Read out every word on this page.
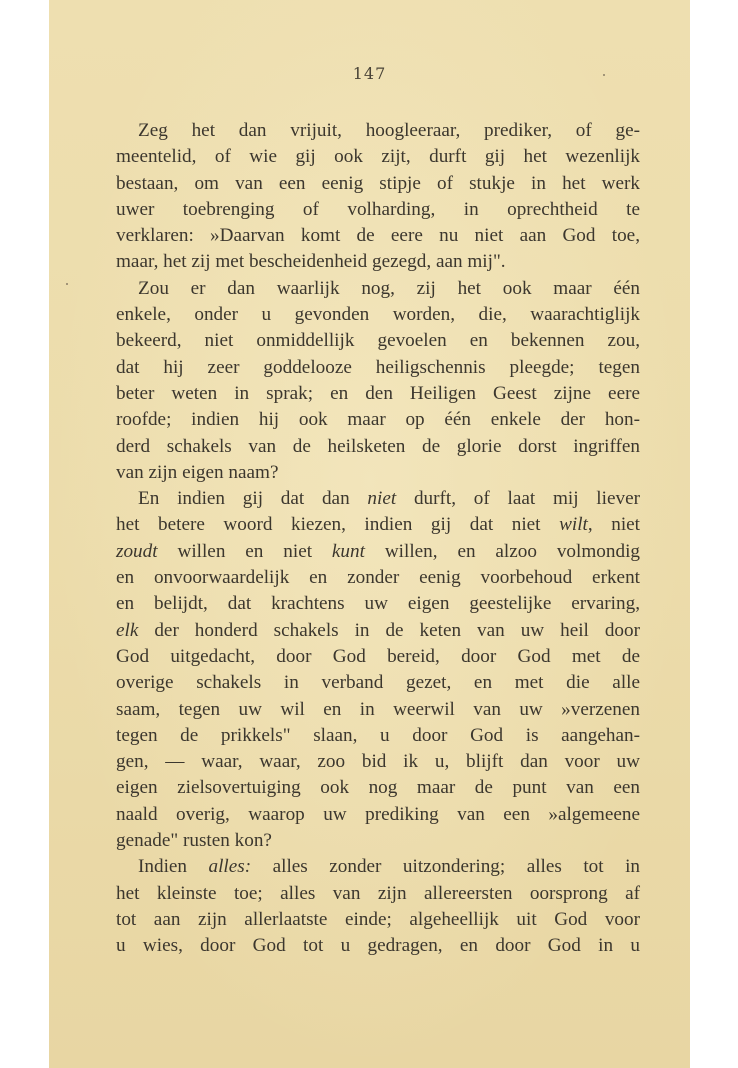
147
Zeg het dan vrijuit, hoogleeraar, prediker, of ge-
meentelid, of wie gij ook zijt, durft gij het wezenlijk
bestaan, om van een eenig stipje of stukje in het werk
uwer toebrenging of volharding, in oprechtheid te
verklaren: »Daarvan komt de eere nu niet aan God toe,
maar, het zij met bescheidenheid gezegd, aan mij".
Zou er dan waarlijk nog, zij het ook maar één
enkele, onder u gevonden worden, die, waarachtiglijk
bekeerd, niet onmiddellijk gevoelen en bekennen zou,
dat hij zeer goddelooze heiligschennis pleegde; tegen
beter weten in sprak; en den Heiligen Geest zijne eere
roofde; indien hij ook maar op één enkele der hon-
derd schakels van de heilsketen de glorie dorst ingriffen
van zijn eigen naam?
En indien gij dat dan niet durft, of laat mij liever
het betere woord kiezen, indien gij dat niet wilt, niet
zoudt willen en niet kunt willen, en alzoo volmondig
en onvoorwaardelijk en zonder eenig voorbehoud erkent
en belijdt, dat krachtens uw eigen geestelijke ervaring,
elk der honderd schakels in de keten van uw heil door
God uitgedacht, door God bereid, door God met de
overige schakels in verband gezet, en met die alle
saam, tegen uw wil en in weerwil van uw »verzenen
tegen de prikkels" slaan, u door God is aangehan-
gen, — waar, waar, zoo bid ik u, blijft dan voor uw
eigen zielsovertuiging ook nog maar de punt van een
naald overig, waarop uw prediking van een »algemeene
genade" rusten kon?
Indien alles: alles zonder uitzondering; alles tot in
het kleinste toe; alles van zijn allereersten oorsprong af
tot aan zijn allerlaatste einde; algeheellijk uit God voor
u wies, door God tot u gedragen, en door God in u
